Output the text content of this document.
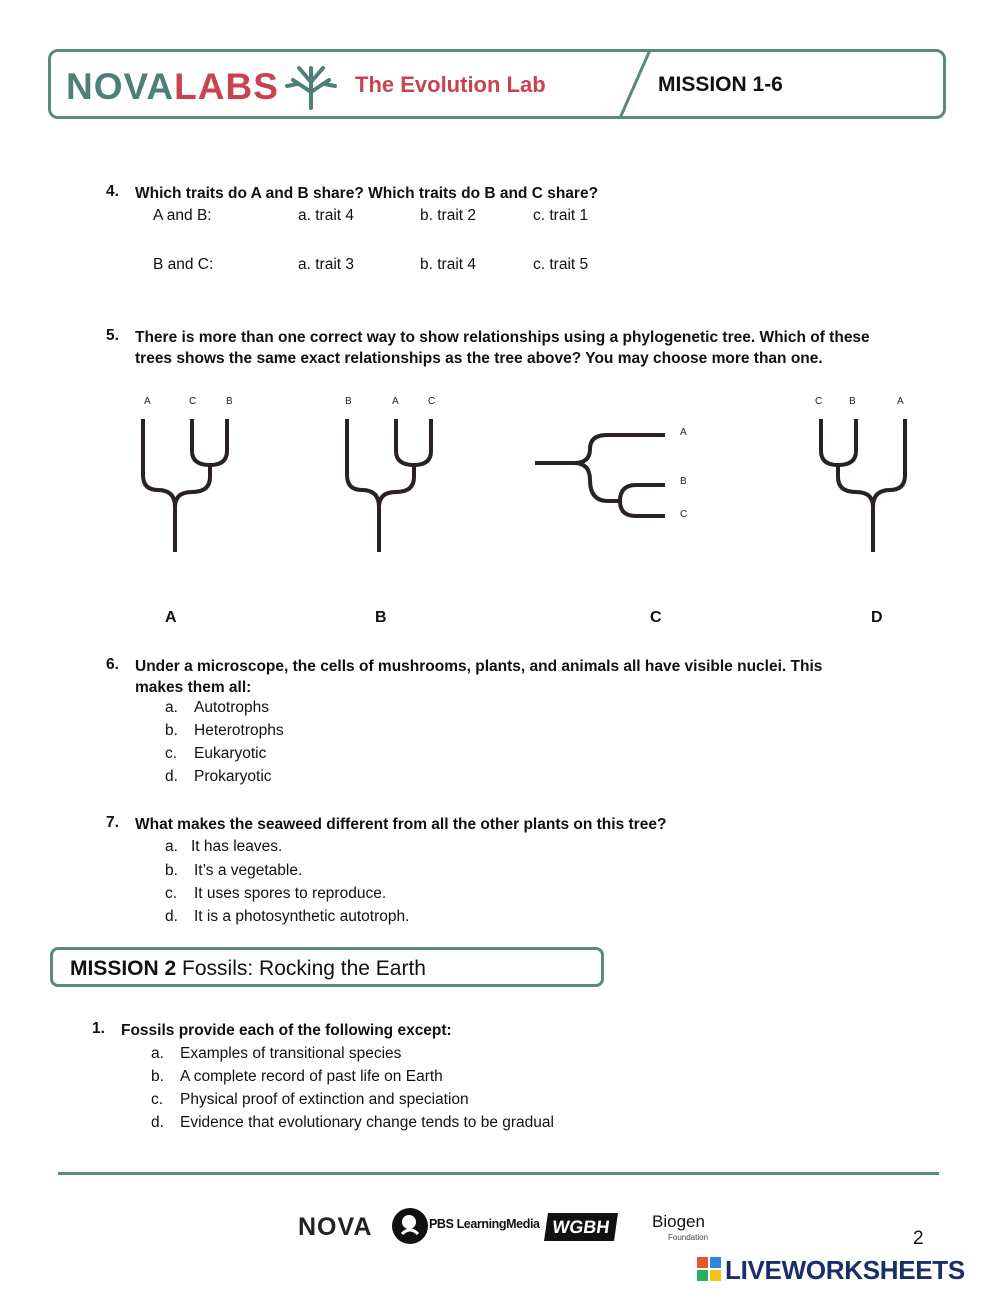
NOVALABS	The Evolution Lab	MISSION 1-6
4. Which traits do A and B share? Which traits do B and C share?
A and B:	a. trait 4	b. trait 2	c. trait 1
B and C:	a. trait 3	b. trait 4	c. trait 5
5. There is more than one correct way to show relationships using a phylogenetic tree. Which of these
trees shows the same exact relationships as the tree above? You may choose more than one.
A	C	B
A
B	A	C
B
A
B
C
C
C	B	A
D
6. Under a microscope, the cells of mushrooms, plants, and animals all have visible nuclei. This
makes them all:
a. Autotrophs
b. Heterotrophs
c. Eukaryotic
d. Prokaryotic
7. What makes the seaweed different from all the other plants on this tree?
a. It has leaves.
b. It’s a vegetable.
c. It uses spores to reproduce.
d. It is a photosynthetic autotroph.
MISSION 2 Fossils: Rocking the Earth
1. Fossils provide each of the following except:
a. Examples of transitional species
b. A complete record of past life on Earth
c. Physical proof of extinction and speciation
d. Evidence that evolutionary change tends to be gradual
NOVA	PBS LearningMedia WGBH	Biogen
Foundation	2
LIVEWORKSHEETS
